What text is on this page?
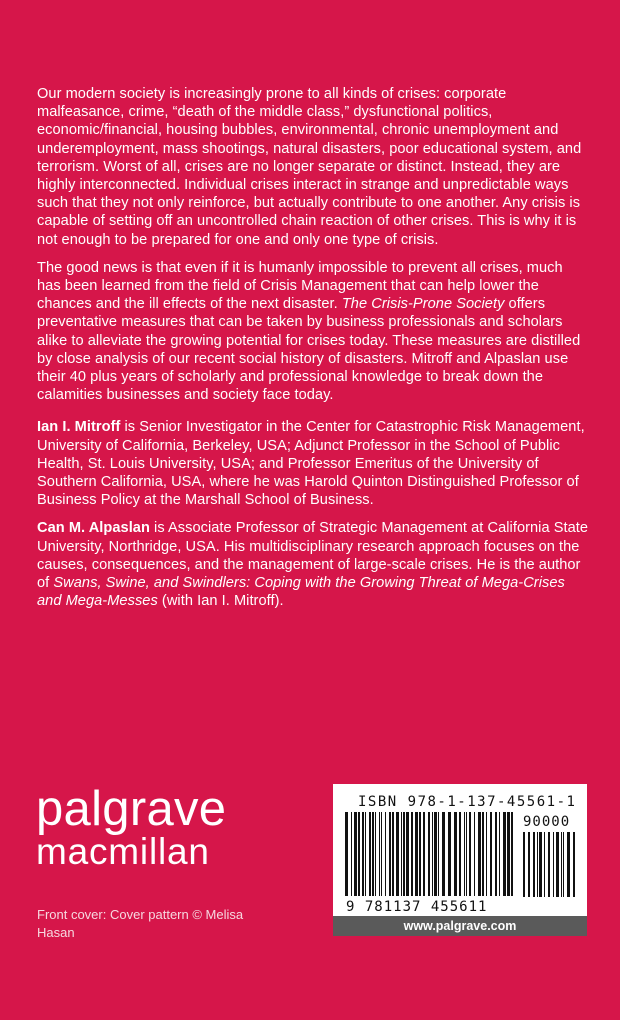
Our modern society is increasingly prone to all kinds of crises: corporate malfeasance, crime, “death of the middle class,” dysfunctional politics, economic/financial, housing bubbles, environmental, chronic unemployment and underemployment, mass shootings, natural disasters, poor educational system, and terrorism. Worst of all, crises are no longer separate or distinct. Instead, they are highly interconnected. Individual crises interact in strange and unpredictable ways such that they not only reinforce, but actually contribute to one another. Any crisis is capable of setting off an uncontrolled chain reaction of other crises. This is why it is not enough to be prepared for one and only one type of crisis.

The good news is that even if it is humanly impossible to prevent all crises, much has been learned from the field of Crisis Management that can help lower the chances and the ill effects of the next disaster. The Crisis-Prone Society offers preventative measures that can be taken by business professionals and scholars alike to alleviate the growing potential for crises today. These measures are distilled by close analysis of our recent social history of disasters. Mitroff and Alpaslan use their 40 plus years of scholarly and professional knowledge to break down the calamities businesses and society face today.

Ian I. Mitroff is Senior Investigator in the Center for Catastrophic Risk Management, University of California, Berkeley, USA; Adjunct Professor in the School of Public Health, St. Louis University, USA; and Professor Emeritus of the University of Southern California, USA, where he was Harold Quinton Distinguished Professor of Business Policy at the Marshall School of Business.

Can M. Alpaslan is Associate Professor of Strategic Management at California State University, Northridge, USA. His multidisciplinary research approach focuses on the causes, consequences, and the management of large-scale crises. He is the author of Swans, Swine, and Swindlers: Coping with the Growing Threat of Mega-Crises and Mega-Messes (with Ian I. Mitroff).

palgrave
macmillan
Front cover: Cover pattern © Melisa Hasan
ISBN 978-1-137-45561-1
90000
9 781137 455611
www.palgrave.com
